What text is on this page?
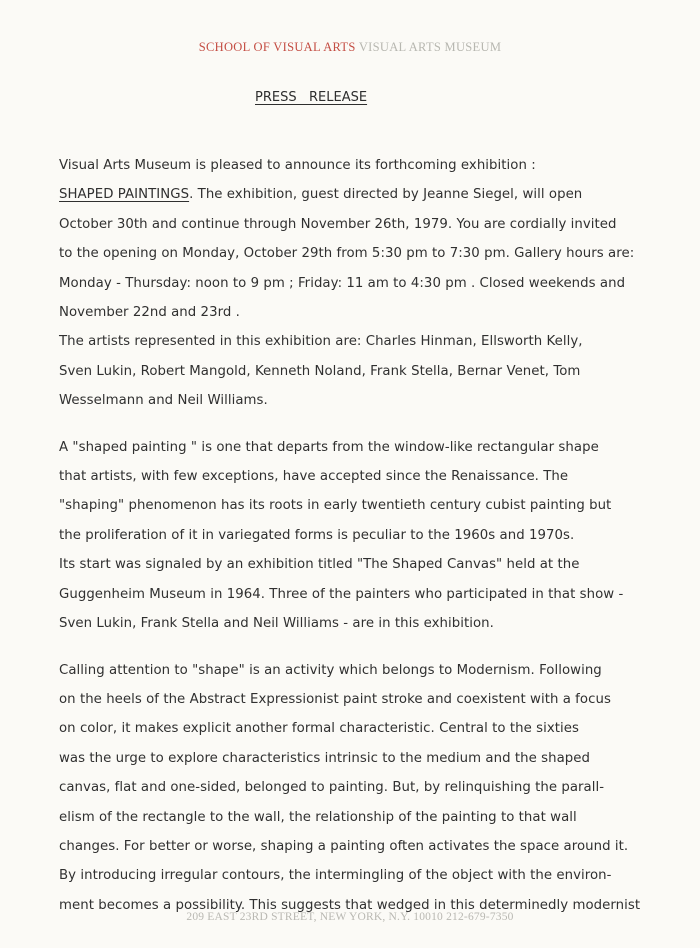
SCHOOL OF VISUAL ARTS VISUAL ARTS MUSEUM
PRESS   RELEASE
Visual Arts Museum is pleased to announce its forthcoming exhibition :
SHAPED PAINTINGS. The exhibition, guest directed by Jeanne Siegel, will open
October 30th and continue through November 26th, 1979. You are cordially invited
to the opening on Monday, October 29th from 5:30 pm to 7:30 pm. Gallery hours are:
Monday - Thursday: noon to 9 pm ; Friday: 11 am to 4:30 pm . Closed weekends and
November 22nd and 23rd .
The artists represented in this exhibition are: Charles Hinman, Ellsworth Kelly,
Sven Lukin, Robert Mangold, Kenneth Noland, Frank Stella, Bernar Venet, Tom
Wesselmann and Neil Williams.
A "shaped painting " is one that departs from the window-like rectangular shape
that artists, with few exceptions, have accepted since the Renaissance. The
"shaping" phenomenon has its roots in early twentieth century cubist painting but
the proliferation of it in variegated forms is peculiar to the 1960s and 1970s.
Its start was signaled by an exhibition titled "The Shaped Canvas" held at the
Guggenheim Museum in 1964. Three of the painters who participated in that show -
Sven Lukin, Frank Stella and Neil Williams - are in this exhibition.
Calling attention to "shape" is an activity which belongs to Modernism. Following
on the heels of the Abstract Expressionist paint stroke and coexistent with a focus
on color, it makes explicit another formal characteristic. Central to the sixties
was the urge to explore characteristics intrinsic to the medium and the shaped
canvas, flat and one-sided, belonged to painting. But, by relinquishing the parall-
elism of the rectangle to the wall, the relationship of the painting to that wall
changes. For better or worse, shaping a painting often activates the space around it.
By introducing irregular contours, the intermingling of the object with the environ-
ment becomes a possibility. This suggests that wedged in this determinedly modernist
209 EAST 23RD STREET, NEW YORK, N.Y. 10010 212-679-7350
